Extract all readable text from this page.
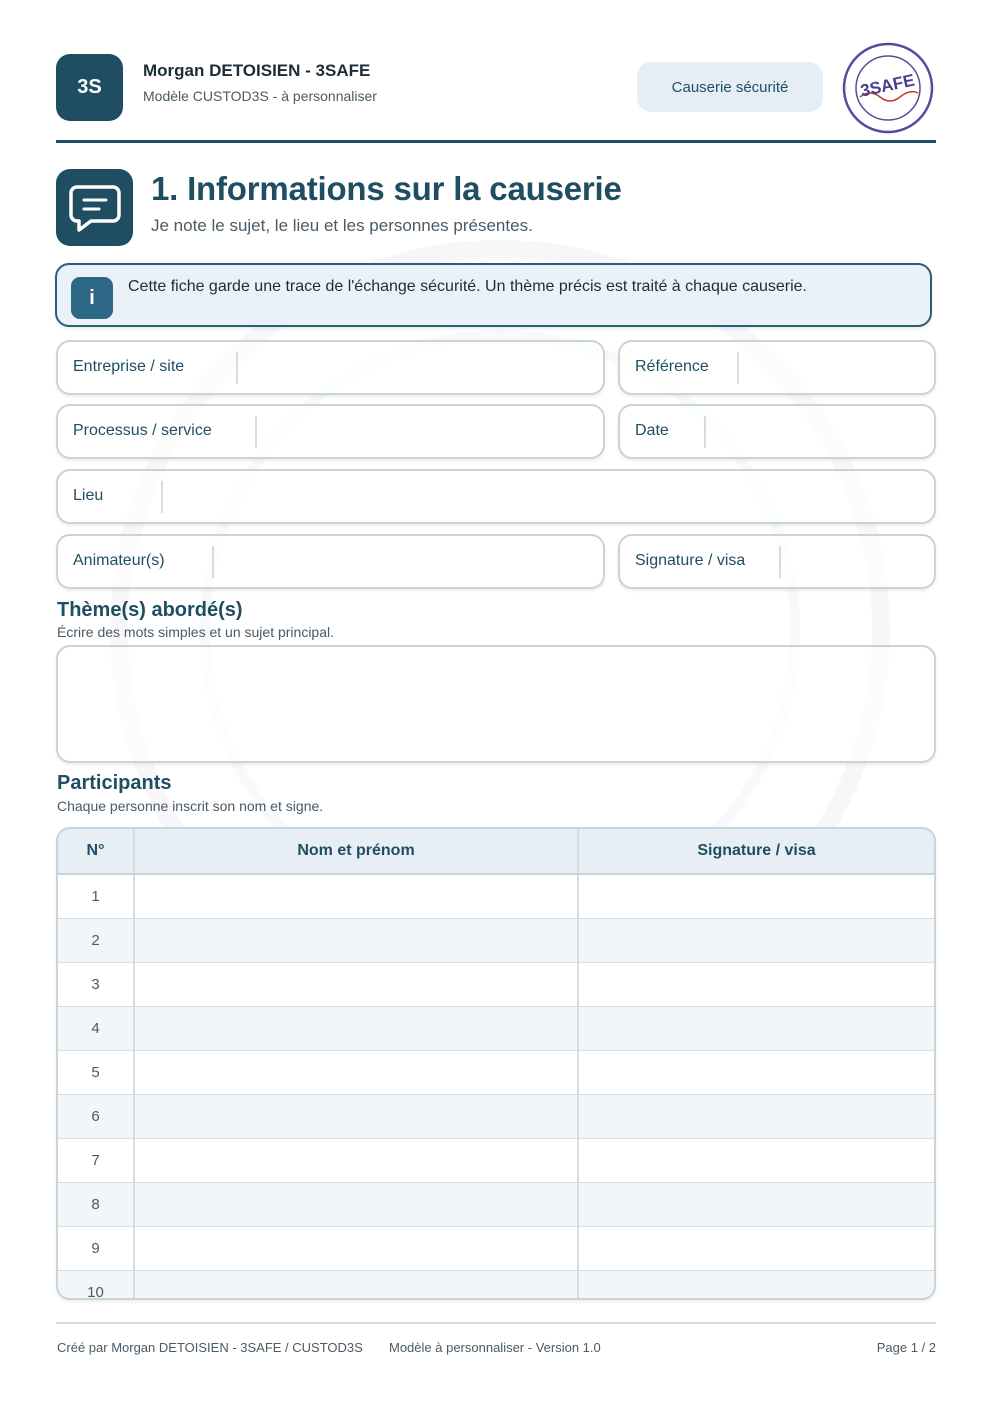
3S
Morgan DETOISIEN - 3SAFE
Modèle CUSTOD3S - à personnaliser
Causerie sécurité	3SAFE
1. Informations sur la causerie
Je note le sujet, le lieu et les personnes présentes.
i	Cette fiche garde une trace de l'échange sécurité. Un thème précis est traité à chaque causerie.
Entreprise / site	Référence
Processus / service	Date
Lieu
Animateur(s)	Signature / visa
Thème(s) abordé(s)
Écrire des mots simples et un sujet principal.
Participants
Chaque personne inscrit son nom et signe.
N°	Nom et prénom	Signature / visa
1		
2		
3		
4		
5		
6		
7		
8		
9		
10		
Créé par Morgan DETOISIEN - 3SAFE / CUSTOD3S Modèle à personnaliser - Version 1.0	Page 1 / 2
